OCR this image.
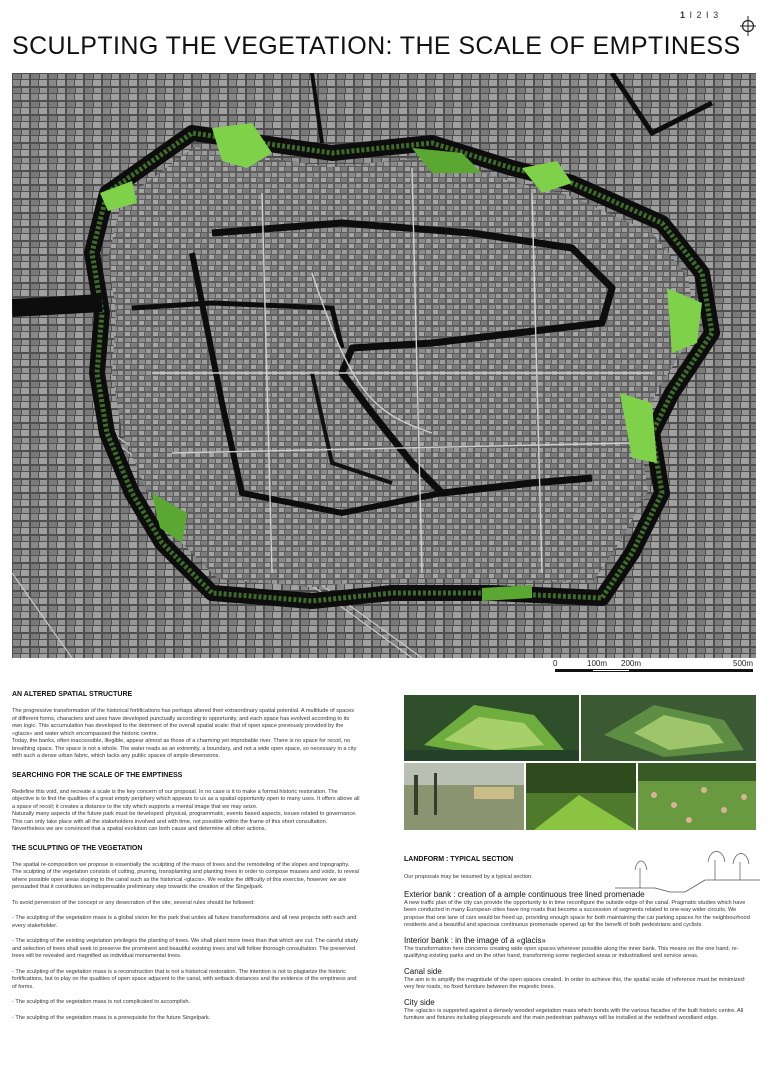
1 I 2 I 3
SCULPTING THE VEGETATION: THE SCALE OF EMPTINESS
0	100m 200m	500m
AN ALTERED SPATIAL STRUCTURE

The progressive transformation of the historical fortifications has perhaps altered their extraordinary spatial potential. A multitude of spaces of different forms, characters and uses have developed punctually according to opportunity, and each space has evolved according to its own logic. This accumulation has developed to the detriment of the overall spatial scale: that of open space previously provided by the «glacis» and water which encompassed the historic centre.

Today, the banks, often inaccessible, illegible, appear almost as those of a charming yet improbable river. There is no space for recoil, no breathing space. The space is not a whole. The water reads as an extremity, a boundary, and not a wide open space, so necessary in a city with such a dense urban fabric, which lacks any public spaces of ample dimensions.

SEARCHING FOR THE SCALE OF THE EMPTINESS

Redefine this void, and recreate a scale is the key concern of our proposal. In no case is it to make a formal historic restoration. The objective is to find the qualities of a great empty periphery which appears to us as a spatial opportunity open to many uses. It offers above all a space of recoil; it creates a distance to the city which supports a mental image that we may seize.

Naturally many aspects of the future park must be developed: physical, programmatic, events based aspects, issues related to governance. This can only take place with all the stakeholders involved and with time, not possible within the frame of this short consultation. Nevertheless we are convinced that a spatial evolution can both cause and determine all other actions.

THE SCULPTING OF THE VEGETATION

The spatial re-composition we propose is essentially the sculpting of the mass of trees and the remodeling of the slopes and topography. The sculpting of the vegetation consists of cutting, pruning, transplanting and planting trees in order to compose masses and voids, to reveal where possible open areas sloping to the canal such as the historical «glacis». We realize the difficulty of this exercise, however we are persuaded that it constitutes an indispensable preliminary step towards the creation of the Singelpark.

To avoid perversion of the concept or any desecration of the site, several rules should be followed:

- The sculpting of the vegetation mass is a global vision for the park that unites all future transformations and all new projects with each and every stakeholder.

- The sculpting of the existing vegetation privileges the planting of trees. We shall plant more trees than that which are cut. The careful study and selection of trees shall seek to preserve the prominent and beautiful existing trees and will follow thorough consultation. The preserved trees will be revealed and magnified as individual monumental trees.

- The sculpting of the vegetation mass is a reconstruction that is not a historical restoration. The intention is not to plagiarize the historic fortifications, but to play on the qualities of open space adjacent to the canal, with setback distances and the evidence of the emptiness and of forms.

- The sculpting of the vegetation mass is not complicated to accomplish.

- The sculpting of the vegetation mass is a prerequisite for the future Singelpark.

LANDFORM : TYPICAL SECTION

Our proposals may be resumed by a typical section.

Exterior bank : creation of a ample continuous tree lined promenade

A new traffic plan of the city can provide the opportunity to in time reconfigure the outside edge of the canal. Pragmatic studies which have been conducted in many European cities have ring roads that become a succession of segments related to one-way wider circuits. We propose that one lane of cars would be freed up, providing enough space for both maintaining the car parking spaces for the neighbourhood residents and a beautiful and spacious continuous promenade opened up for the benefit of both pedestrians and cyclists.

Interior bank : in the image of a «glacis»

The transformation here concerns creating wide open spaces wherever possible along the inner bank. This means on the one hand, re-qualifying existing parks and on the other hand, transforming some neglected areas or industrialised and service areas.

Canal side

The aim is to amplify the magnitude of the open spaces created. In order to achieve this, the spatial scale of reference must be minimized: very few roads, no fixed furniture between the majestic trees.

City side

The «glacis» is supported against a densely wooded vegetation mass which bonds with the various facades of the built historic centre. All furniture and fixtures including playgrounds and the main pedestrian pathways will be installed at the redefined woodland edge.
